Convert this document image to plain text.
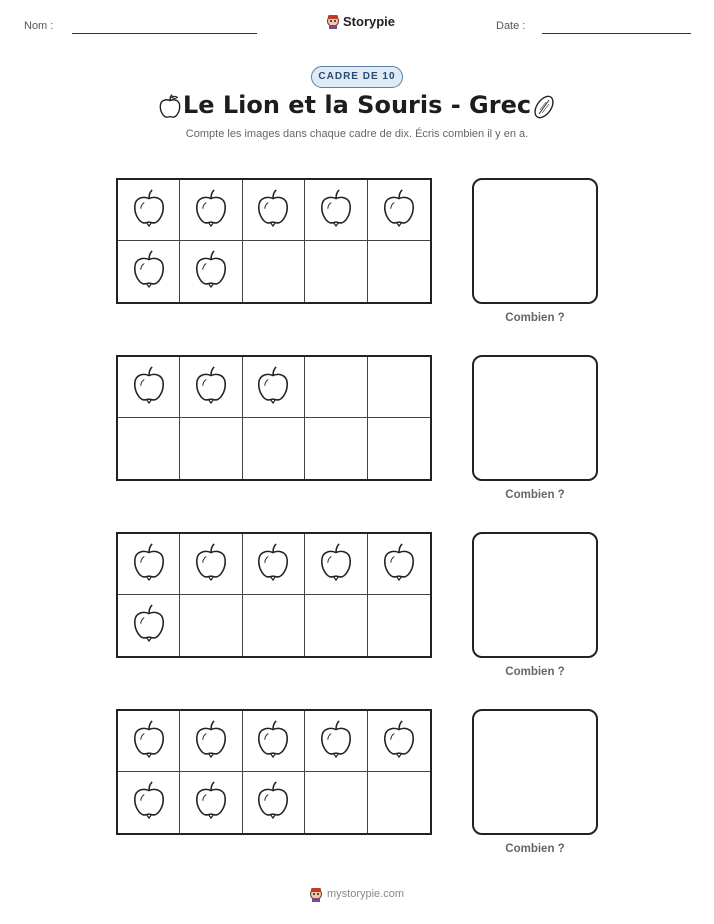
Nom :	Storypie	Date :
CADRE DE 10
Le Lion et la Souris - Grec
Compte les images dans chaque cadre de dix. Écris combien il y en a.
Combien ?
Combien ?
Combien ?
Combien ?
mystorypie.com
